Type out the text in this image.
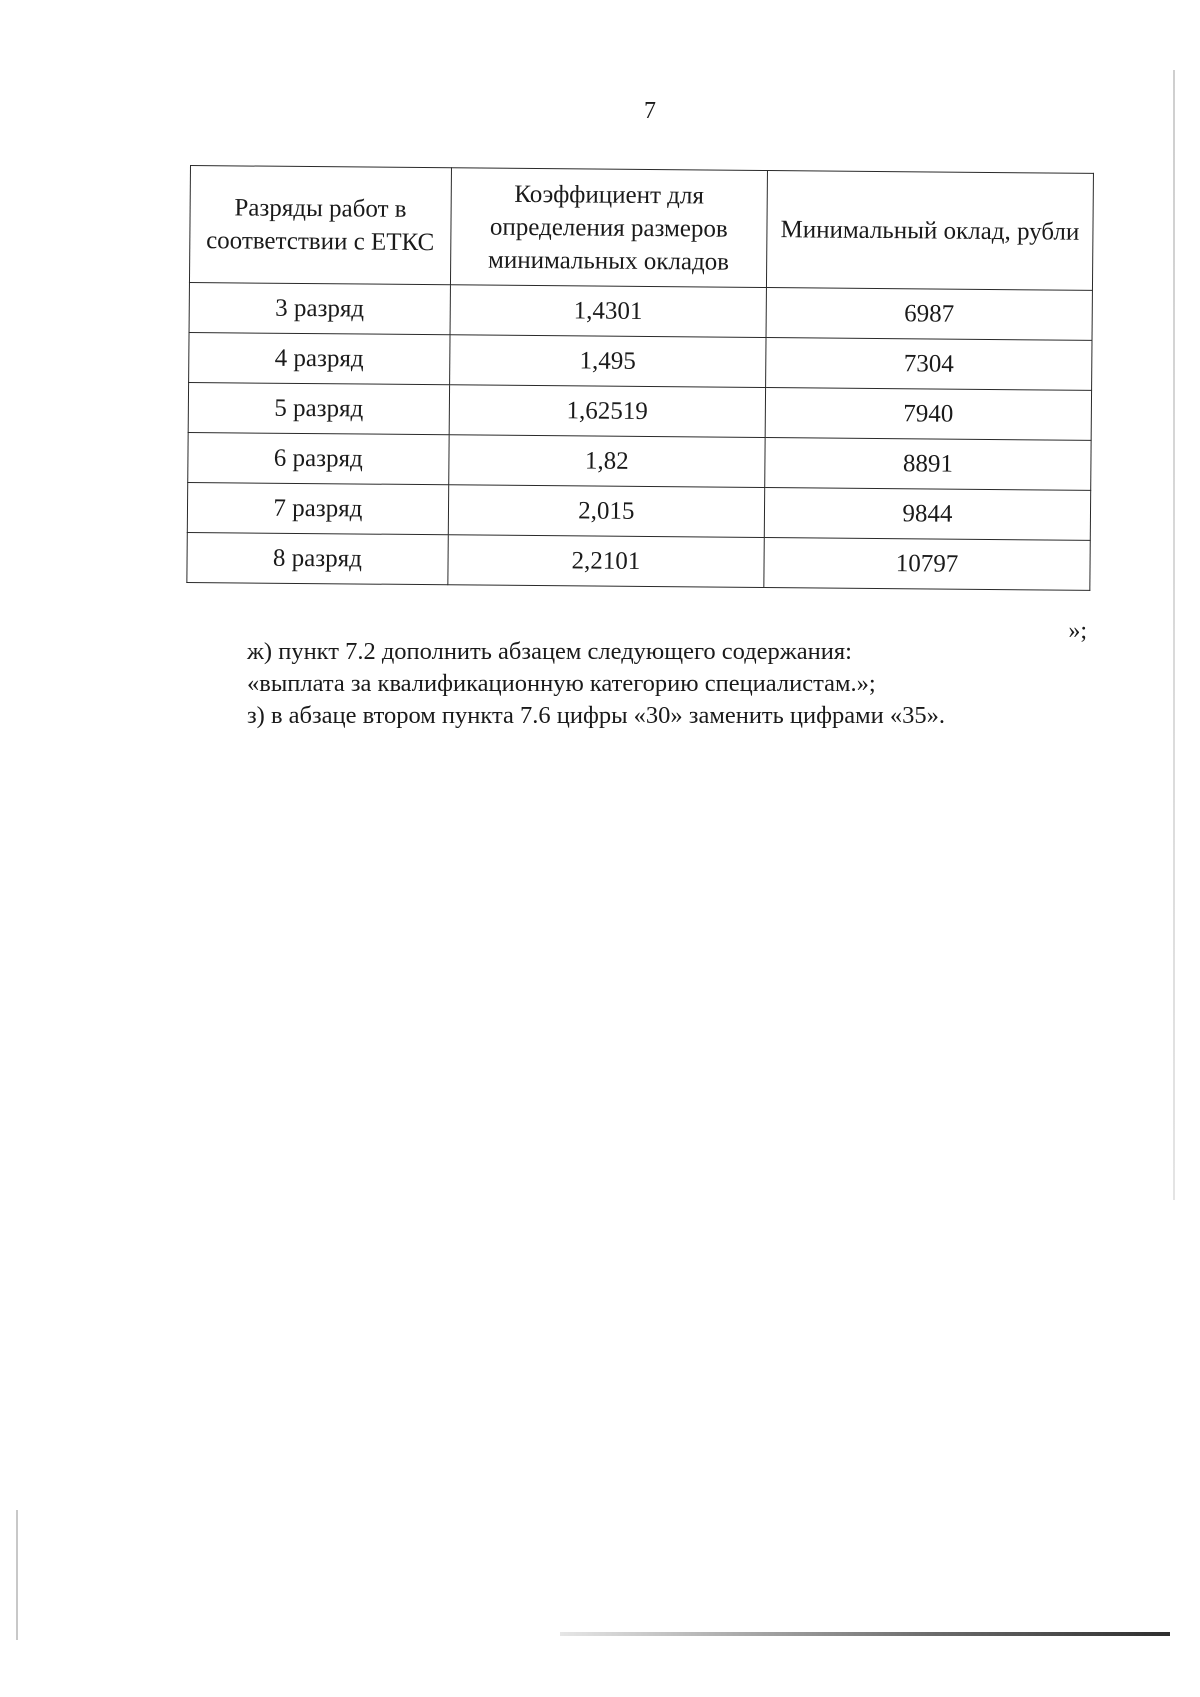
7
Разряды работ в соответствии с ЕТКС	Коэффициент для определения размеров минимальных окладов	Минимальный оклад, рубли
3 разряд	1,4301	6987
4 разряд	1,495	7304
5 разряд	1,62519	7940
6 разряд	1,82	8891
7 разряд	2,015	9844
8 разряд	2,2101	10797
»;

ж) пункт 7.2 дополнить абзацем следующего содержания:

«выплата за квалификационную категорию специалистам.»;

з) в абзаце втором пункта 7.6 цифры «30» заменить цифрами «35».
